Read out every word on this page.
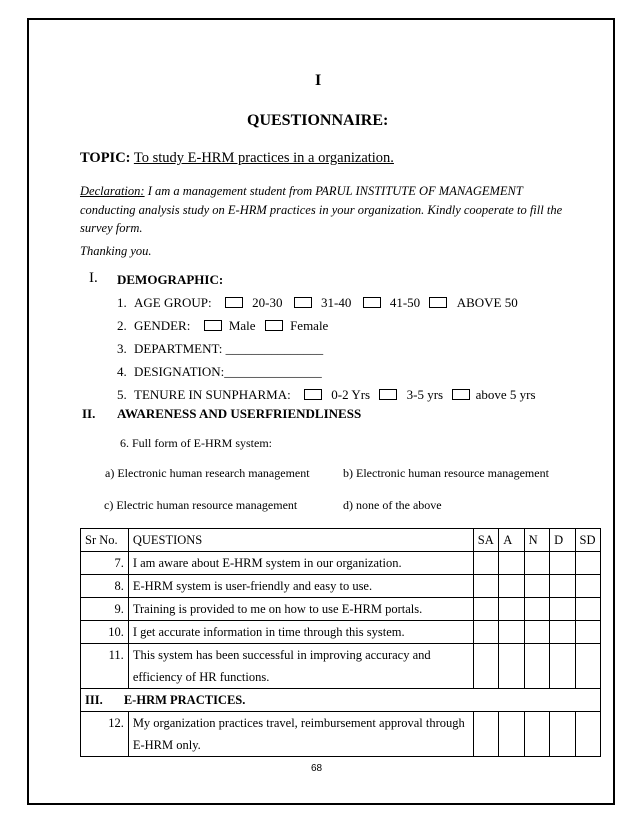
I
QUESTIONNAIRE:
TOPIC: To study E-HRM practices in a organization.
Declaration: I am a management student from PARUL INSTITUTE OF MANAGEMENT
conducting analysis study on E-HRM practices in your organization. Kindly cooperate to fill the
survey form.
Thanking you.
I. DEMOGRAPHIC:
1. AGE GROUP:	20-30	31-40	41-50	ABOVE 50
2. GENDER:	Male	Female
3. DEPARTMENT: _______________
4. DESIGNATION:_______________
5. TENURE IN SUNPHARMA:	0-2 Yrs	3-5 yrs	above 5 yrs
II. AWARENESS AND USERFRIENDLINESS
6. Full form of E-HRM system:
a) Electronic human research management	b) Electronic human resource management
c) Electric human resource management	d) none of the above
Sr No.	QUESTIONS	SA	A	N	D	SD
7.	I am aware about E-HRM system in our organization.					
8.	E-HRM system is user-friendly and easy to use.					
9.	Training is provided to me on how to use E-HRM portals.					
10.	I get accurate information in time through this system.					
11.	This system has been successful in improving accuracy and efficiency of HR functions.					
III. E-HRM PRACTICES.						
12.	My organization practices travel, reimbursement approval through E-HRM only.					
68
